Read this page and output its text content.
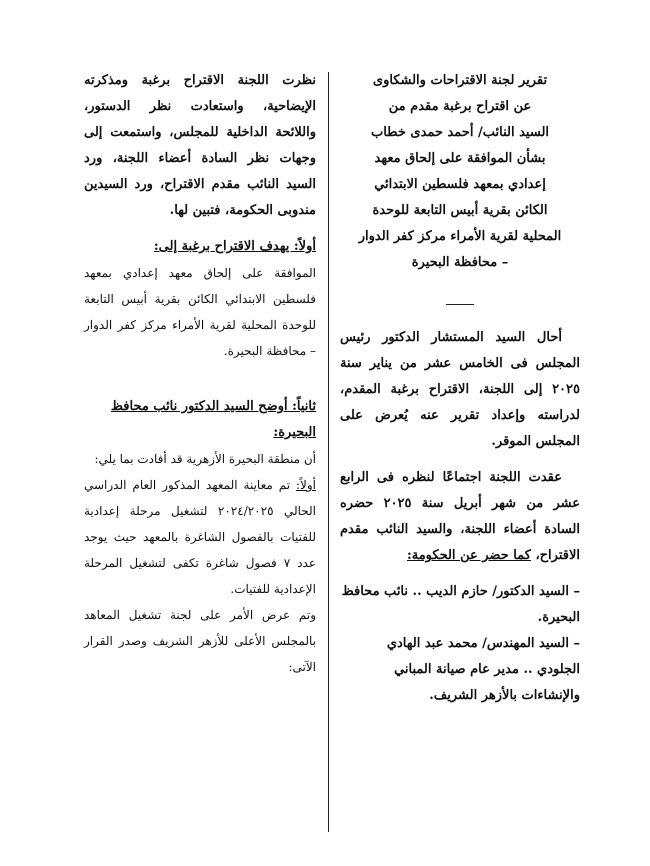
تقرير لجنة الاقتراحات والشكاوى

عن اقتراح برغبة مقدم من

السيد النائب/ أحمد حمدى خطاب

بشأن الموافقة على إلحاق معهد

إعدادي بمعهد فلسطين الابتدائي

الكائن بقرية أبيس التابعة للوحدة

المحلية لقرية الأمراء مركز كفر الدوار

– محافظة البحيرة

أحال السيد المستشار الدكتور رئيس المجلس فى الخامس عشر من يناير سنة ٢٠٢٥ إلى اللجنة، الاقتراح برغبة المقدم، لدراسته وإعداد تقرير عنه يُعرض على المجلس الموقر.

عقدت اللجنة اجتماعًا لنظره فى الرابع عشر من شهر أبريل سنة ٢٠٢٥ حضره السادة أعضاء اللجنة، والسيد النائب مقدم الاقتراح، كما حضر عن الحكومة:

– السيد الدكتور/ حازم الديب .. نائب محافظ البحيرة.

– السيد المهندس/ محمد عبد الهادي الجلودي .. مدير عام صيانة المباني والإنشاءات بالأزهر الشريف.

نظرت اللجنة الاقتراح برغبة ومذكرته الإيضاحية، واستعادت نظر الدستور، واللائحة الداخلية للمجلس، واستمعت إلى وجهات نظر السادة أعضاء اللجنة، ورد السيد النائب مقدم الاقتراح، ورد السيدين مندوبى الحكومة، فتبين لها.

أولاً: يهدف الاقتراح برغبة إلى:

الموافقة على إلحاق معهد إعدادي بمعهد فلسطين الابتدائي الكائن بقرية أبيس التابعة للوحدة المحلية لقرية الأمراء مركز كفر الدوار – محافظة البحيرة.

ثانياً: أوضح السيد الدكتور نائب محافظ البحيرة:

أن منطقة البحيرة الأزهرية قد أفادت بما يلي:

أولاً: تم معاينة المعهد المذكور العام الدراسي الحالي ٢٠٢٤/٢٠٢٥ لتشغيل مرحلة إعدادية للفتيات بالفصول الشاغرة بالمعهد حيث يوجد عدد ٧ فصول شاغرة تكفى لتشغيل المرحلة الإعدادية للفتيات.

وتم عرض الأمر على لجنة تشغيل المعاهد بالمجلس الأعلى للأزهر الشريف وصدر القرار الآتى:
